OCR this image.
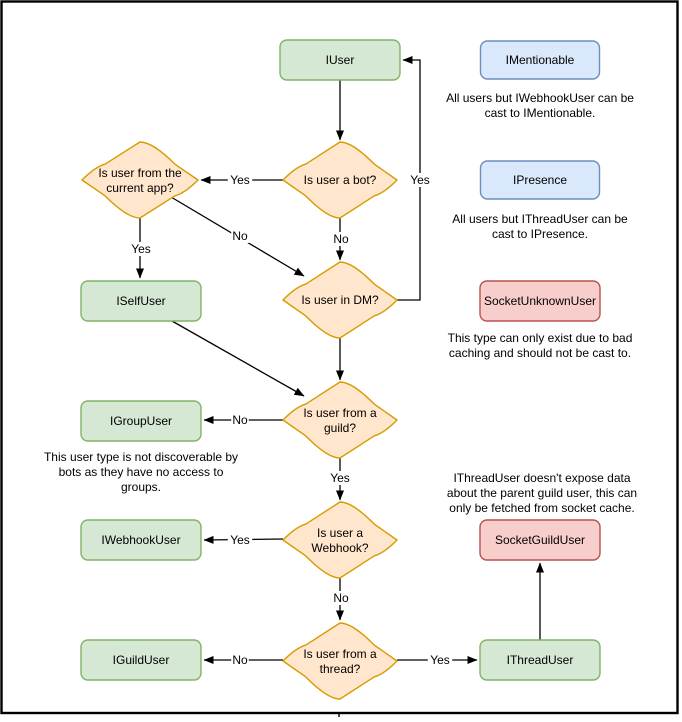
Yes
Yes
No	No
Yes
No
Yes
Yes
No
No	Yes
IUser	IMentionable
Is user a bot?
Is user from the
current app?
IPresence
ISelfUser	Is user in DM?	SocketUnknownUser
IGroupUser
Is user from a
guild?
IWebhookUser	Is user a
Webhook?
SocketGuildUser
IGuildUser	Is user from a
thread?
IThreadUser
All users but IWebhookUser can be
cast to IMentionable.
All users but IThreadUser can be
cast to IPresence.
This type can only exist due to bad
caching and should not be cast to.
This user type is not discoverable by
bots as they have no access to
groups.
IThreadUser doesn't expose data
about the parent guild user, this can
only be fetched from socket cache.
